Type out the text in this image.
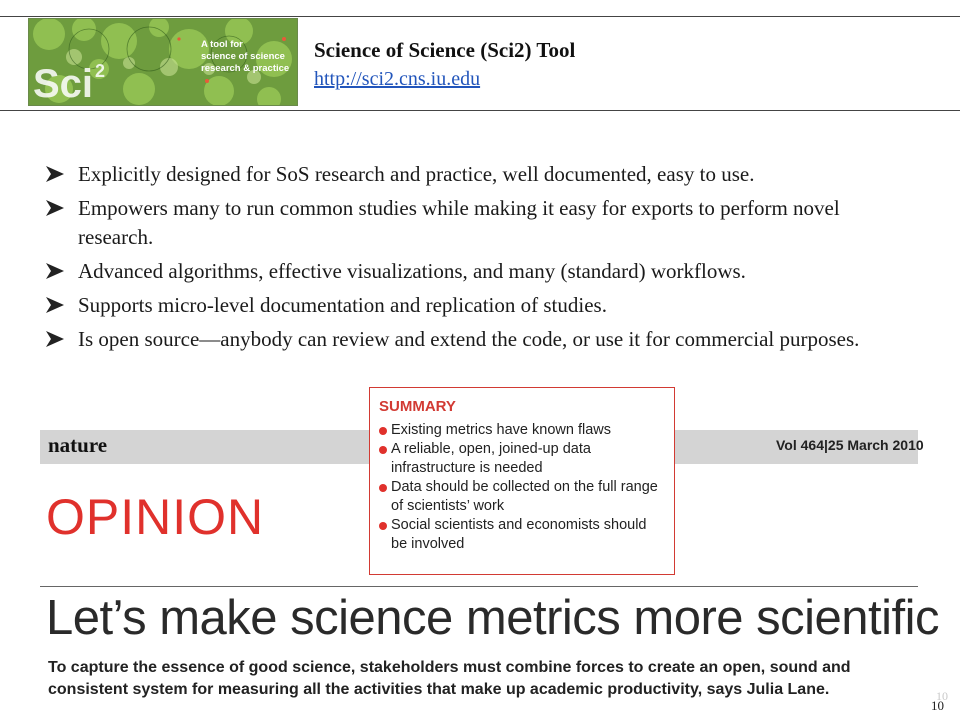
Sci 2
A tool for
science of science
research & practice
Science of Science (Sci2) Tool
http://sci2.cns.iu.edu
Explicitly designed for SoS research and practice, well documented, easy to use.
Empowers many to run common studies while making it easy for exports to perform novel research.
Advanced algorithms, effective visualizations, and many (standard) workflows.
Supports micro-level documentation and replication of studies.
Is open source—anybody can review and extend the code, or use it for commercial purposes.
nature	Vol 464|25 March 2010
OPINION
Let’s make science metrics more scientific
To capture the essence of good science, stakeholders must combine forces to create an open, sound and consistent system for measuring all the activities that make up academic productivity, says Julia Lane.
SUMMARY
Existing metrics have known flaws
A reliable, open, joined-up data infrastructure is needed
Data should be collected on the full range of scientists’ work
Social scientists and economists should be involved
10
10
